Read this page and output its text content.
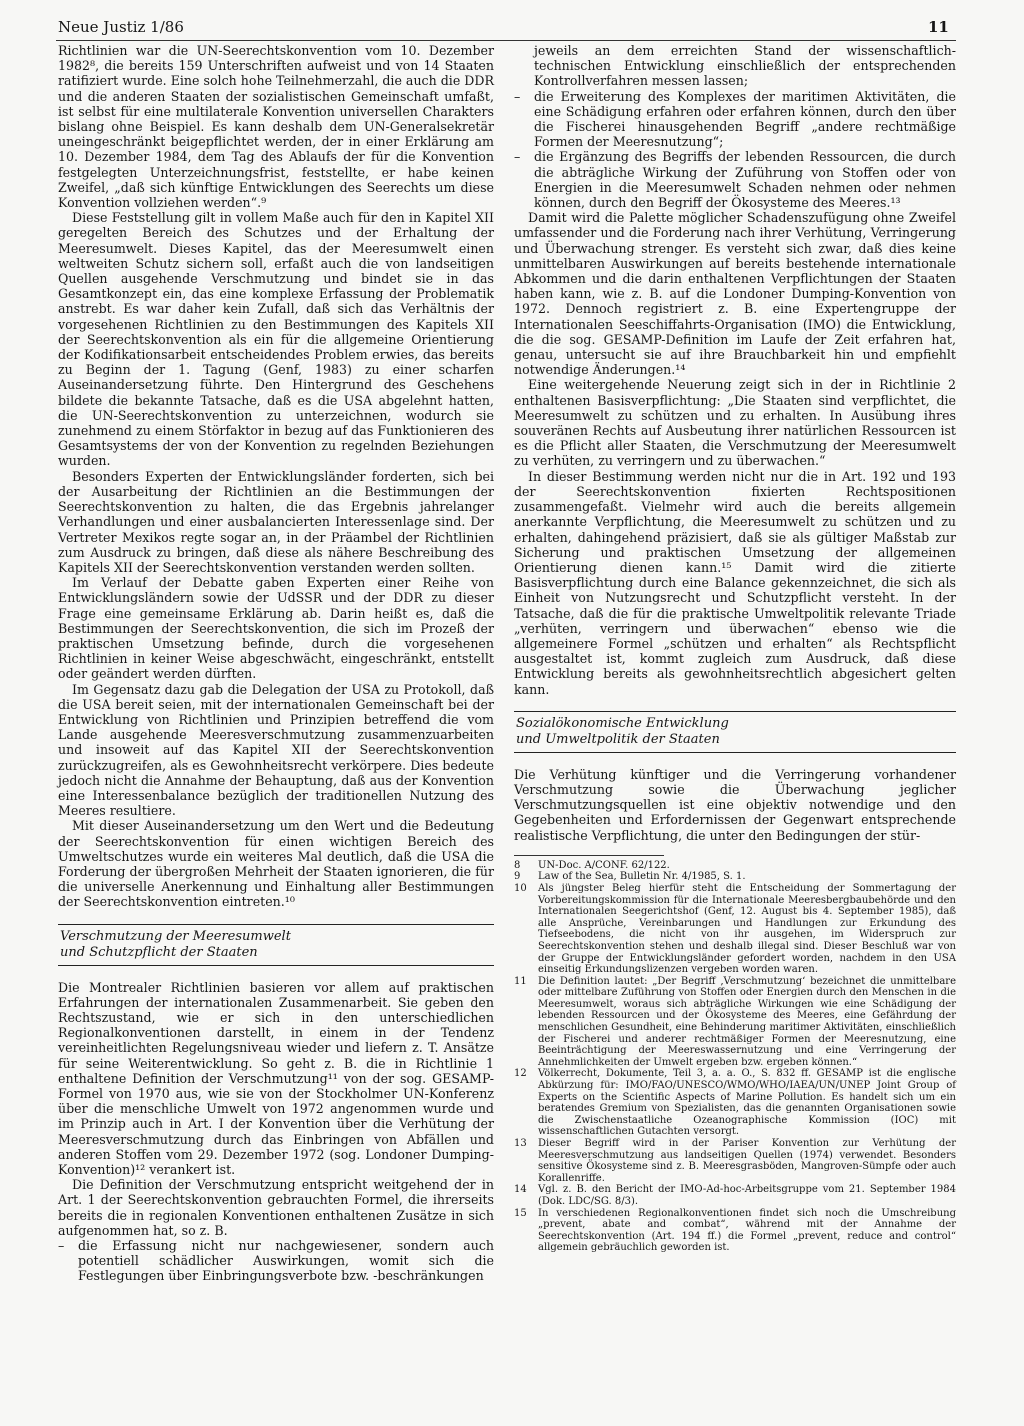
Neue Justiz 1/86	11

Richtlinien war die UN-Seerechtskonvention vom 10. Dezember 1982⁸, die bereits 159 Unterschriften aufweist und von 14 Staaten ratifiziert wurde. Eine solch hohe Teilnehmerzahl, die auch die DDR und die anderen Staaten der sozialistischen Gemeinschaft umfaßt, ist selbst für eine multilaterale Konvention universellen Charakters bislang ohne Beispiel. Es kann deshalb dem UN-Generalsekretär uneingeschränkt beigepflichtet werden, der in einer Erklärung am 10. Dezember 1984, dem Tag des Ablaufs der für die Konvention festgelegten Unterzeichnungsfrist, feststellte, er habe keinen Zweifel, „daß sich künftige Entwicklungen des Seerechts um diese Konvention vollziehen werden“.⁹

Diese Feststellung gilt in vollem Maße auch für den in Kapitel XII geregelten Bereich des Schutzes und der Erhaltung der Meeresumwelt. Dieses Kapitel, das der Meeresumwelt einen weltweiten Schutz sichern soll, erfaßt auch die von landseitigen Quellen ausgehende Verschmutzung und bindet sie in das Gesamtkonzept ein, das eine komplexe Erfassung der Problematik anstrebt. Es war daher kein Zufall, daß sich das Verhältnis der vorgesehenen Richtlinien zu den Bestimmungen des Kapitels XII der Seerechtskonvention als ein für die allgemeine Orientierung der Kodifikationsarbeit entscheidendes Problem erwies, das bereits zu Beginn der 1. Tagung (Genf, 1983) zu einer scharfen Auseinandersetzung führte. Den Hintergrund des Geschehens bildete die bekannte Tatsache, daß es die USA abgelehnt hatten, die UN-Seerechtskonvention zu unterzeichnen, wodurch sie zunehmend zu einem Störfaktor in bezug auf das Funktionieren des Gesamtsystems der von der Konvention zu regelnden Beziehungen wurden.

Besonders Experten der Entwicklungsländer forderten, sich bei der Ausarbeitung der Richtlinien an die Bestimmungen der Seerechtskonvention zu halten, die das Ergebnis jahrelanger Verhandlungen und einer ausbalancierten Interessenlage sind. Der Vertreter Mexikos regte sogar an, in der Präambel der Richtlinien zum Ausdruck zu bringen, daß diese als nähere Beschreibung des Kapitels XII der Seerechtskonvention verstanden werden sollten.

Im Verlauf der Debatte gaben Experten einer Reihe von Entwicklungsländern sowie der UdSSR und der DDR zu dieser Frage eine gemeinsame Erklärung ab. Darin heißt es, daß die Bestimmungen der Seerechtskonvention, die sich im Prozeß der praktischen Umsetzung befinde, durch die vorgesehenen Richtlinien in keiner Weise abgeschwächt, eingeschränkt, entstellt oder geändert werden dürften.

Im Gegensatz dazu gab die Delegation der USA zu Protokoll, daß die USA bereit seien, mit der internationalen Gemeinschaft bei der Entwicklung von Richtlinien und Prinzipien betreffend die vom Lande ausgehende Meeresverschmutzung zusammenzuarbeiten und insoweit auf das Kapitel XII der Seerechtskonvention zurückzugreifen, als es Gewohnheitsrecht verkörpere. Dies bedeute jedoch nicht die Annahme der Behauptung, daß aus der Konvention eine Interessenbalance bezüglich der traditionellen Nutzung des Meeres resultiere.

Mit dieser Auseinandersetzung um den Wert und die Bedeutung der Seerechtskonvention für einen wichtigen Bereich des Umweltschutzes wurde ein weiteres Mal deutlich, daß die USA die Forderung der übergroßen Mehrheit der Staaten ignorieren, die für die universelle Anerkennung und Einhaltung aller Bestimmungen der Seerechtskonvention eintreten.¹⁰

Verschmutzung der Meeresumwelt
und Schutzpflicht der Staaten

Die Montrealer Richtlinien basieren vor allem auf praktischen Erfahrungen der internationalen Zusammenarbeit. Sie geben den Rechtszustand, wie er sich in den unterschiedlichen Regionalkonventionen darstellt, in einem in der Tendenz vereinheitlichten Regelungsniveau wieder und liefern z. T. Ansätze für seine Weiterentwicklung. So geht z. B. die in Richtlinie 1 enthaltene Definition der Verschmutzung¹¹ von der sog. GESAMP-Formel von 1970 aus, wie sie von der Stockholmer UN-Konferenz über die menschliche Umwelt von 1972 angenommen wurde und im Prinzip auch in Art. I der Konvention über die Verhütung der Meeresverschmutzung durch das Einbringen von Abfällen und anderen Stoffen vom 29. Dezember 1972 (sog. Londoner Dumping-Konvention)¹² verankert ist.

Die Definition der Verschmutzung entspricht weitgehend der in Art. 1 der Seerechtskonvention gebrauchten Formel, die ihrerseits bereits die in regionalen Konventionen enthaltenen Zusätze in sich aufgenommen hat, so z. B.

– die Erfassung nicht nur nachgewiesener, sondern auch potentiell schädlicher Auswirkungen, womit sich die Festlegungen über Einbringungsverbote bzw. -beschränkungen

jeweils an dem erreichten Stand der wissenschaftlich-technischen Entwicklung einschließlich der entsprechenden Kontrollverfahren messen lassen;

– die Erweiterung des Komplexes der maritimen Aktivitäten, die eine Schädigung erfahren oder erfahren können, durch den über die Fischerei hinausgehenden Begriff „andere rechtmäßige Formen der Meeresnutzung“;

– die Ergänzung des Begriffs der lebenden Ressourcen, die durch die abträgliche Wirkung der Zuführung von Stoffen oder von Energien in die Meeresumwelt Schaden nehmen oder nehmen können, durch den Begriff der Ökosysteme des Meeres.¹³

Damit wird die Palette möglicher Schadenszufügung ohne Zweifel umfassender und die Forderung nach ihrer Verhütung, Verringerung und Überwachung strenger. Es versteht sich zwar, daß dies keine unmittelbaren Auswirkungen auf bereits bestehende internationale Abkommen und die darin enthaltenen Verpflichtungen der Staaten haben kann, wie z. B. auf die Londoner Dumping-Konvention von 1972. Dennoch registriert z. B. eine Expertengruppe der Internationalen Seeschiffahrts-Organisation (IMO) die Entwicklung, die die sog. GESAMP-Definition im Laufe der Zeit erfahren hat, genau, untersucht sie auf ihre Brauchbarkeit hin und empfiehlt notwendige Änderungen.¹⁴

Eine weitergehende Neuerung zeigt sich in der in Richtlinie 2 enthaltenen Basisverpflichtung: „Die Staaten sind verpflichtet, die Meeresumwelt zu schützen und zu erhalten. In Ausübung ihres souveränen Rechts auf Ausbeutung ihrer natürlichen Ressourcen ist es die Pflicht aller Staaten, die Verschmutzung der Meeresumwelt zu verhüten, zu verringern und zu überwachen.“

In dieser Bestimmung werden nicht nur die in Art. 192 und 193 der Seerechtskonvention fixierten Rechtspositionen zusammengefaßt. Vielmehr wird auch die bereits allgemein anerkannte Verpflichtung, die Meeresumwelt zu schützen und zu erhalten, dahingehend präzisiert, daß sie als gültiger Maßstab zur Sicherung und praktischen Umsetzung der allgemeinen Orientierung dienen kann.¹⁵ Damit wird die zitierte Basisverpflichtung durch eine Balance gekennzeichnet, die sich als Einheit von Nutzungsrecht und Schutzpflicht versteht. In der Tatsache, daß die für die praktische Umweltpolitik relevante Triade „verhüten, verringern und überwachen“ ebenso wie die allgemeinere Formel „schützen und erhalten“ als Rechtspflicht ausgestaltet ist, kommt zugleich zum Ausdruck, daß diese Entwicklung bereits als gewohnheitsrechtlich abgesichert gelten kann.

Sozialökonomische Entwicklung
und Umweltpolitik der Staaten

Die Verhütung künftiger und die Verringerung vorhandener Verschmutzung sowie die Überwachung jeglicher Verschmutzungsquellen ist eine objektiv notwendige und den Gegebenheiten und Erfordernissen der Gegenwart entsprechende realistische Verpflichtung, die unter den Bedingungen der stür-

8	UN-Doc. A/CONF. 62/122.
9	Law of the Sea, Bulletin Nr. 4/1985, S. 1.
10	Als jüngster Beleg hierfür steht die Entscheidung der Sommertagung der Vorbereitungskommission für die Internationale Meeresbergbaubehörde und den Internationalen Seegerichtshof (Genf, 12. August bis 4. September 1985), daß alle Ansprüche, Vereinbarungen und Handlungen zur Erkundung des Tiefseebodens, die nicht von ihr ausgehen, im Widerspruch zur Seerechtskonvention stehen und deshalb illegal sind. Dieser Beschluß war von der Gruppe der Entwicklungsländer gefordert worden, nachdem in den USA einseitig Erkundungslizenzen vergeben worden waren.
11	Die Definition lautet: „Der Begriff ‚Verschmutzung‘ bezeichnet die unmittelbare oder mittelbare Zuführung von Stoffen oder Energien durch den Menschen in die Meeresumwelt, woraus sich abträgliche Wirkungen wie eine Schädigung der lebenden Ressourcen und der Ökosysteme des Meeres, eine Gefährdung der menschlichen Gesundheit, eine Behinderung maritimer Aktivitäten, einschließlich der Fischerei und anderer rechtmäßiger Formen der Meeresnutzung, eine Beeinträchtigung der Meereswassernutzung und eine Verringerung der Annehmlichkeiten der Umwelt ergeben bzw. ergeben können.“
12	Völkerrecht, Dokumente, Teil 3, a. a. O., S. 832 ff. GESAMP ist die englische Abkürzung für: IMO/FAO/UNESCO/WMO/WHO/IAEA/UN/UNEP Joint Group of Experts on the Scientific Aspects of Marine Pollution. Es handelt sich um ein beratendes Gremium von Spezialisten, das die genannten Organisationen sowie die Zwischenstaatliche Ozeanographische Kommission (IOC) mit wissenschaftlichen Gutachten versorgt.
13	Dieser Begriff wird in der Pariser Konvention zur Verhütung der Meeresverschmutzung aus landseitigen Quellen (1974) verwendet. Besonders sensitive Ökosysteme sind z. B. Meeresgrasböden, Mangroven-Sümpfe oder auch Korallenriffe.
14	Vgl. z. B. den Bericht der IMO-Ad-hoc-Arbeitsgruppe vom 21. September 1984 (Dok. LDC/SG. 8/3).
15	In verschiedenen Regionalkonventionen findet sich noch die Umschreibung „prevent, abate and combat“, während mit der Annahme der Seerechtskonvention (Art. 194 ff.) die Formel „prevent, reduce and control“ allgemein gebräuchlich geworden ist.
